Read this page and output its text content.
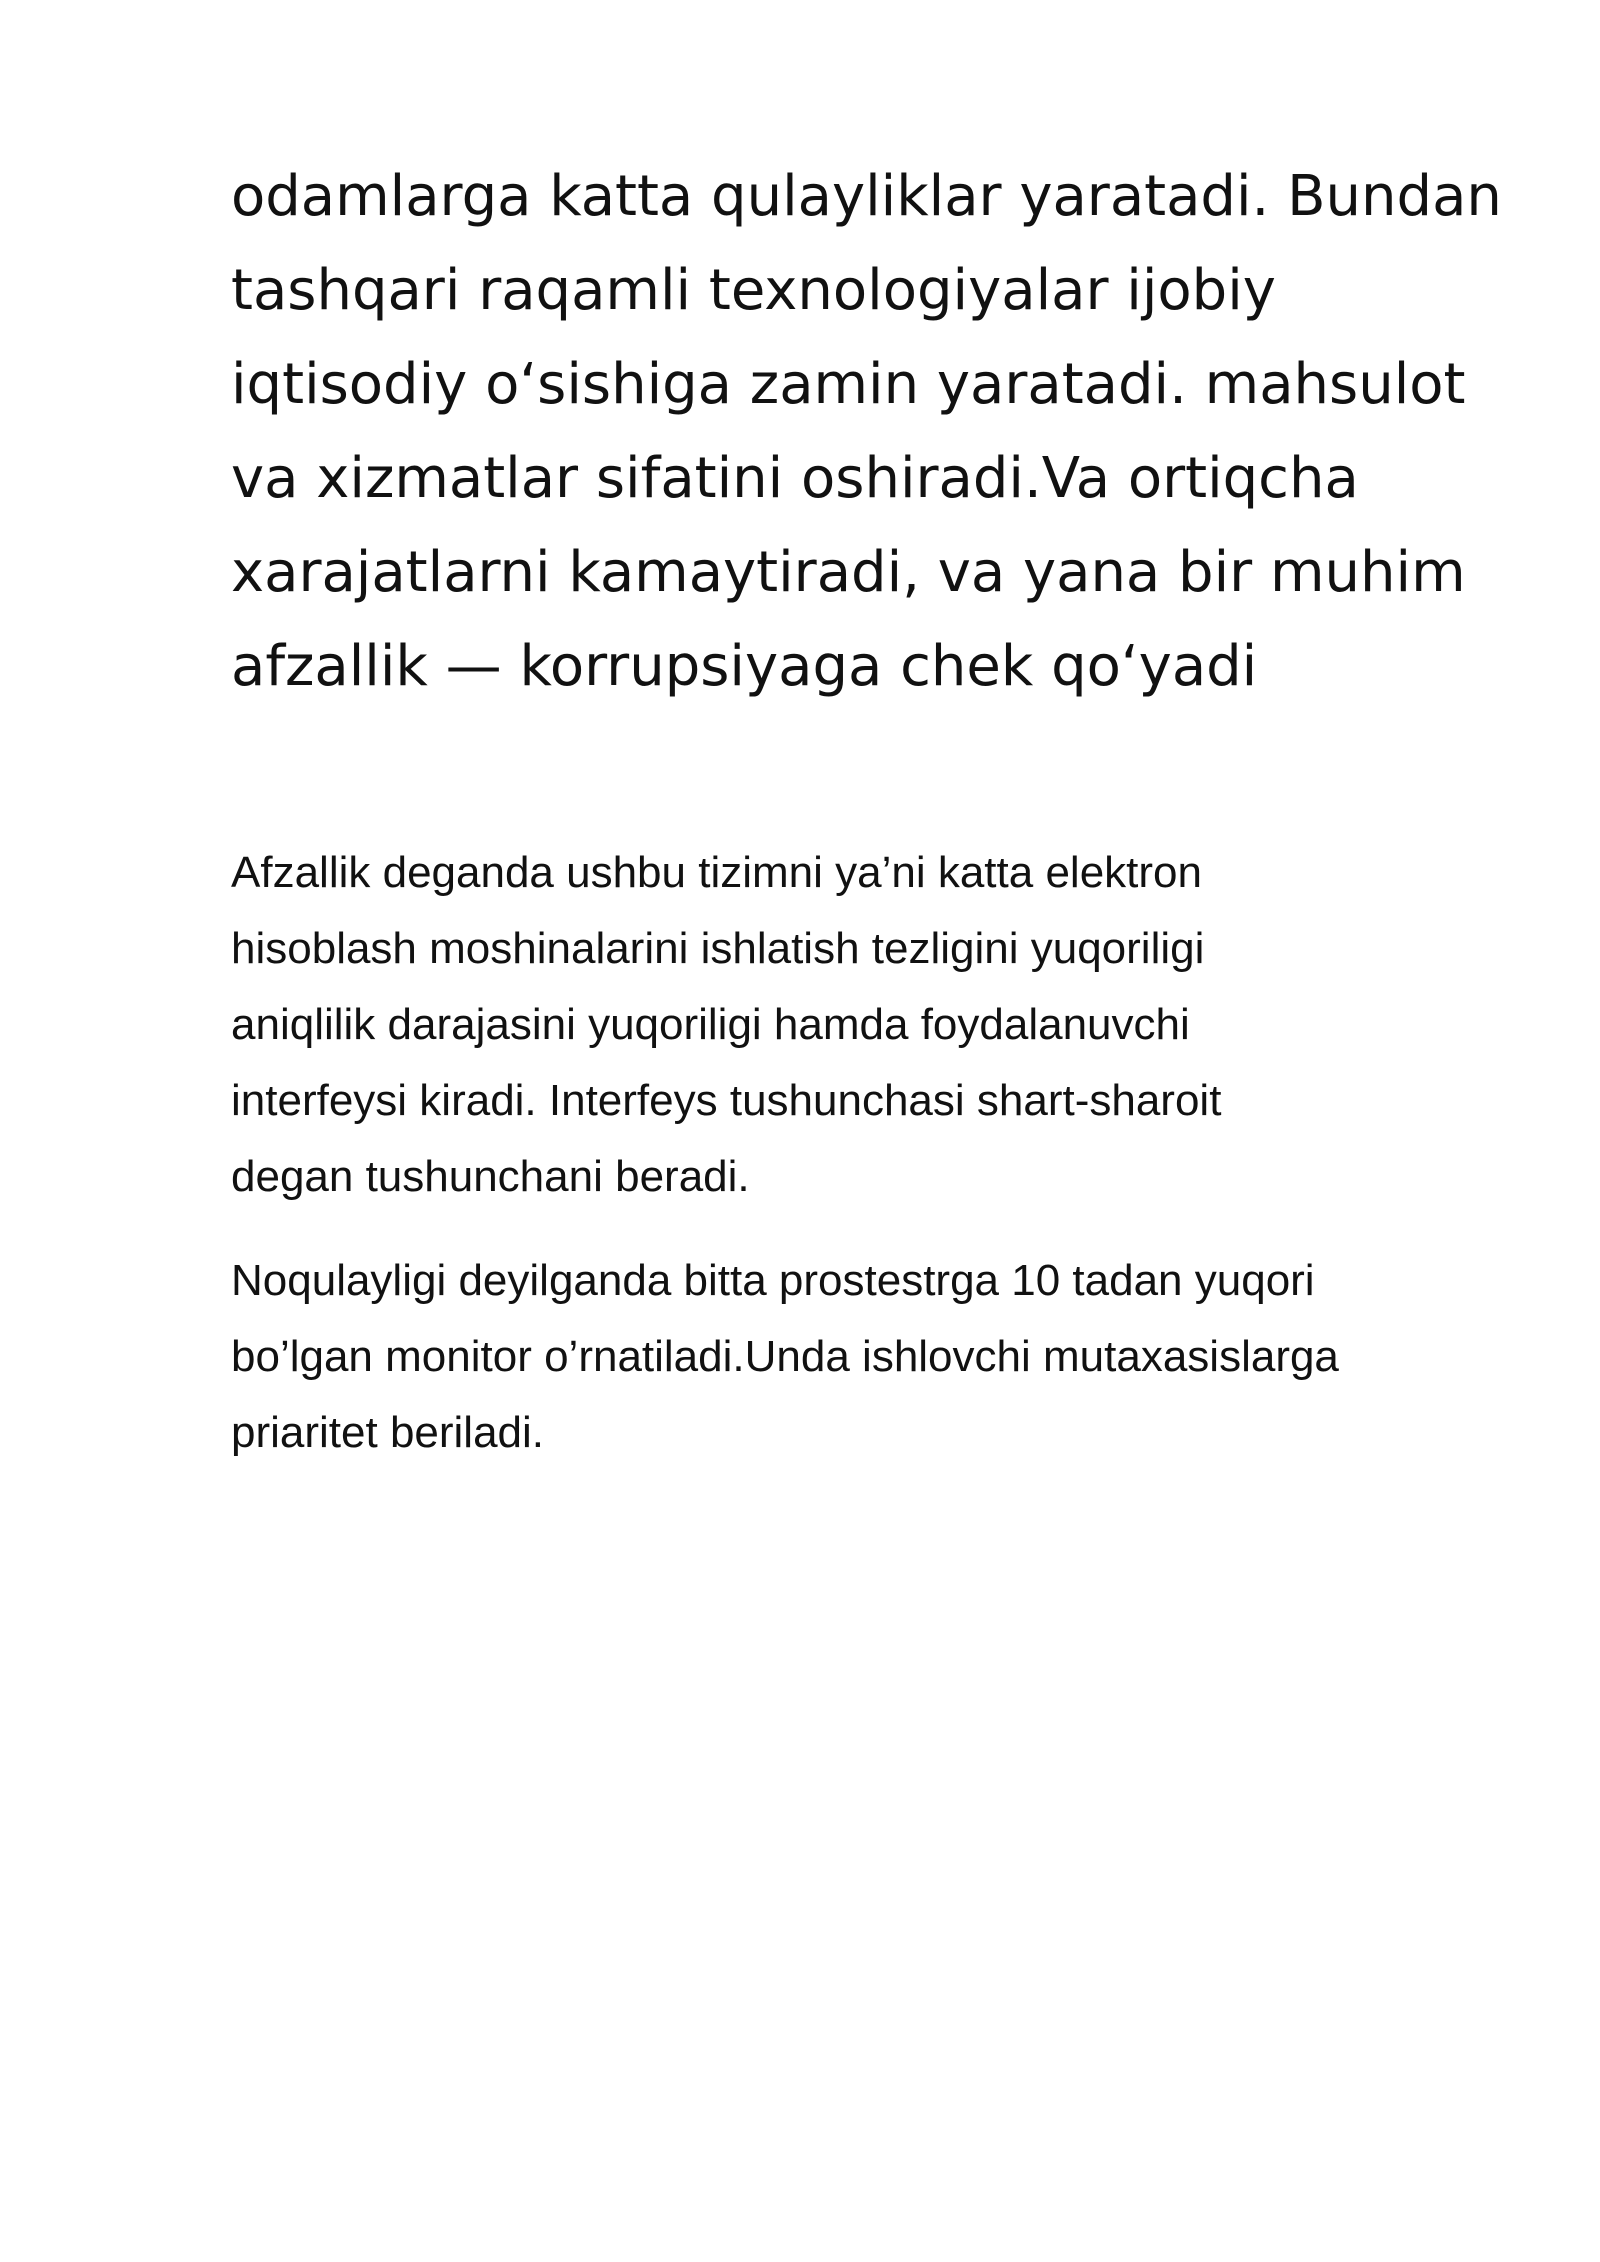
odamlarga katta qulayliklar yaratadi. Bundan
tashqari raqamli texnologiyalar ijobiy
iqtisodiy o‘sishiga zamin yaratadi. mahsulot
va xizmatlar sifatini oshiradi.Va ortiqcha
xarajatlarni kamaytiradi, va yana bir muhim
afzallik — korrupsiyaga chek qo‘yadi
Afzallik deganda ushbu tizimni ya’ni katta elektron
hisoblash moshinalarini ishlatish tezligini yuqoriligi
aniqlilik darajasini yuqoriligi hamda foydalanuvchi
interfeysi kiradi. Interfeys tushunchasi shart-sharoit
degan tushunchani beradi.
Noqulayligi deyilganda bitta prostestrga 10 tadan yuqori
bo’lgan monitor o’rnatiladi.Unda ishlovchi mutaxasislarga
priaritet beriladi.
